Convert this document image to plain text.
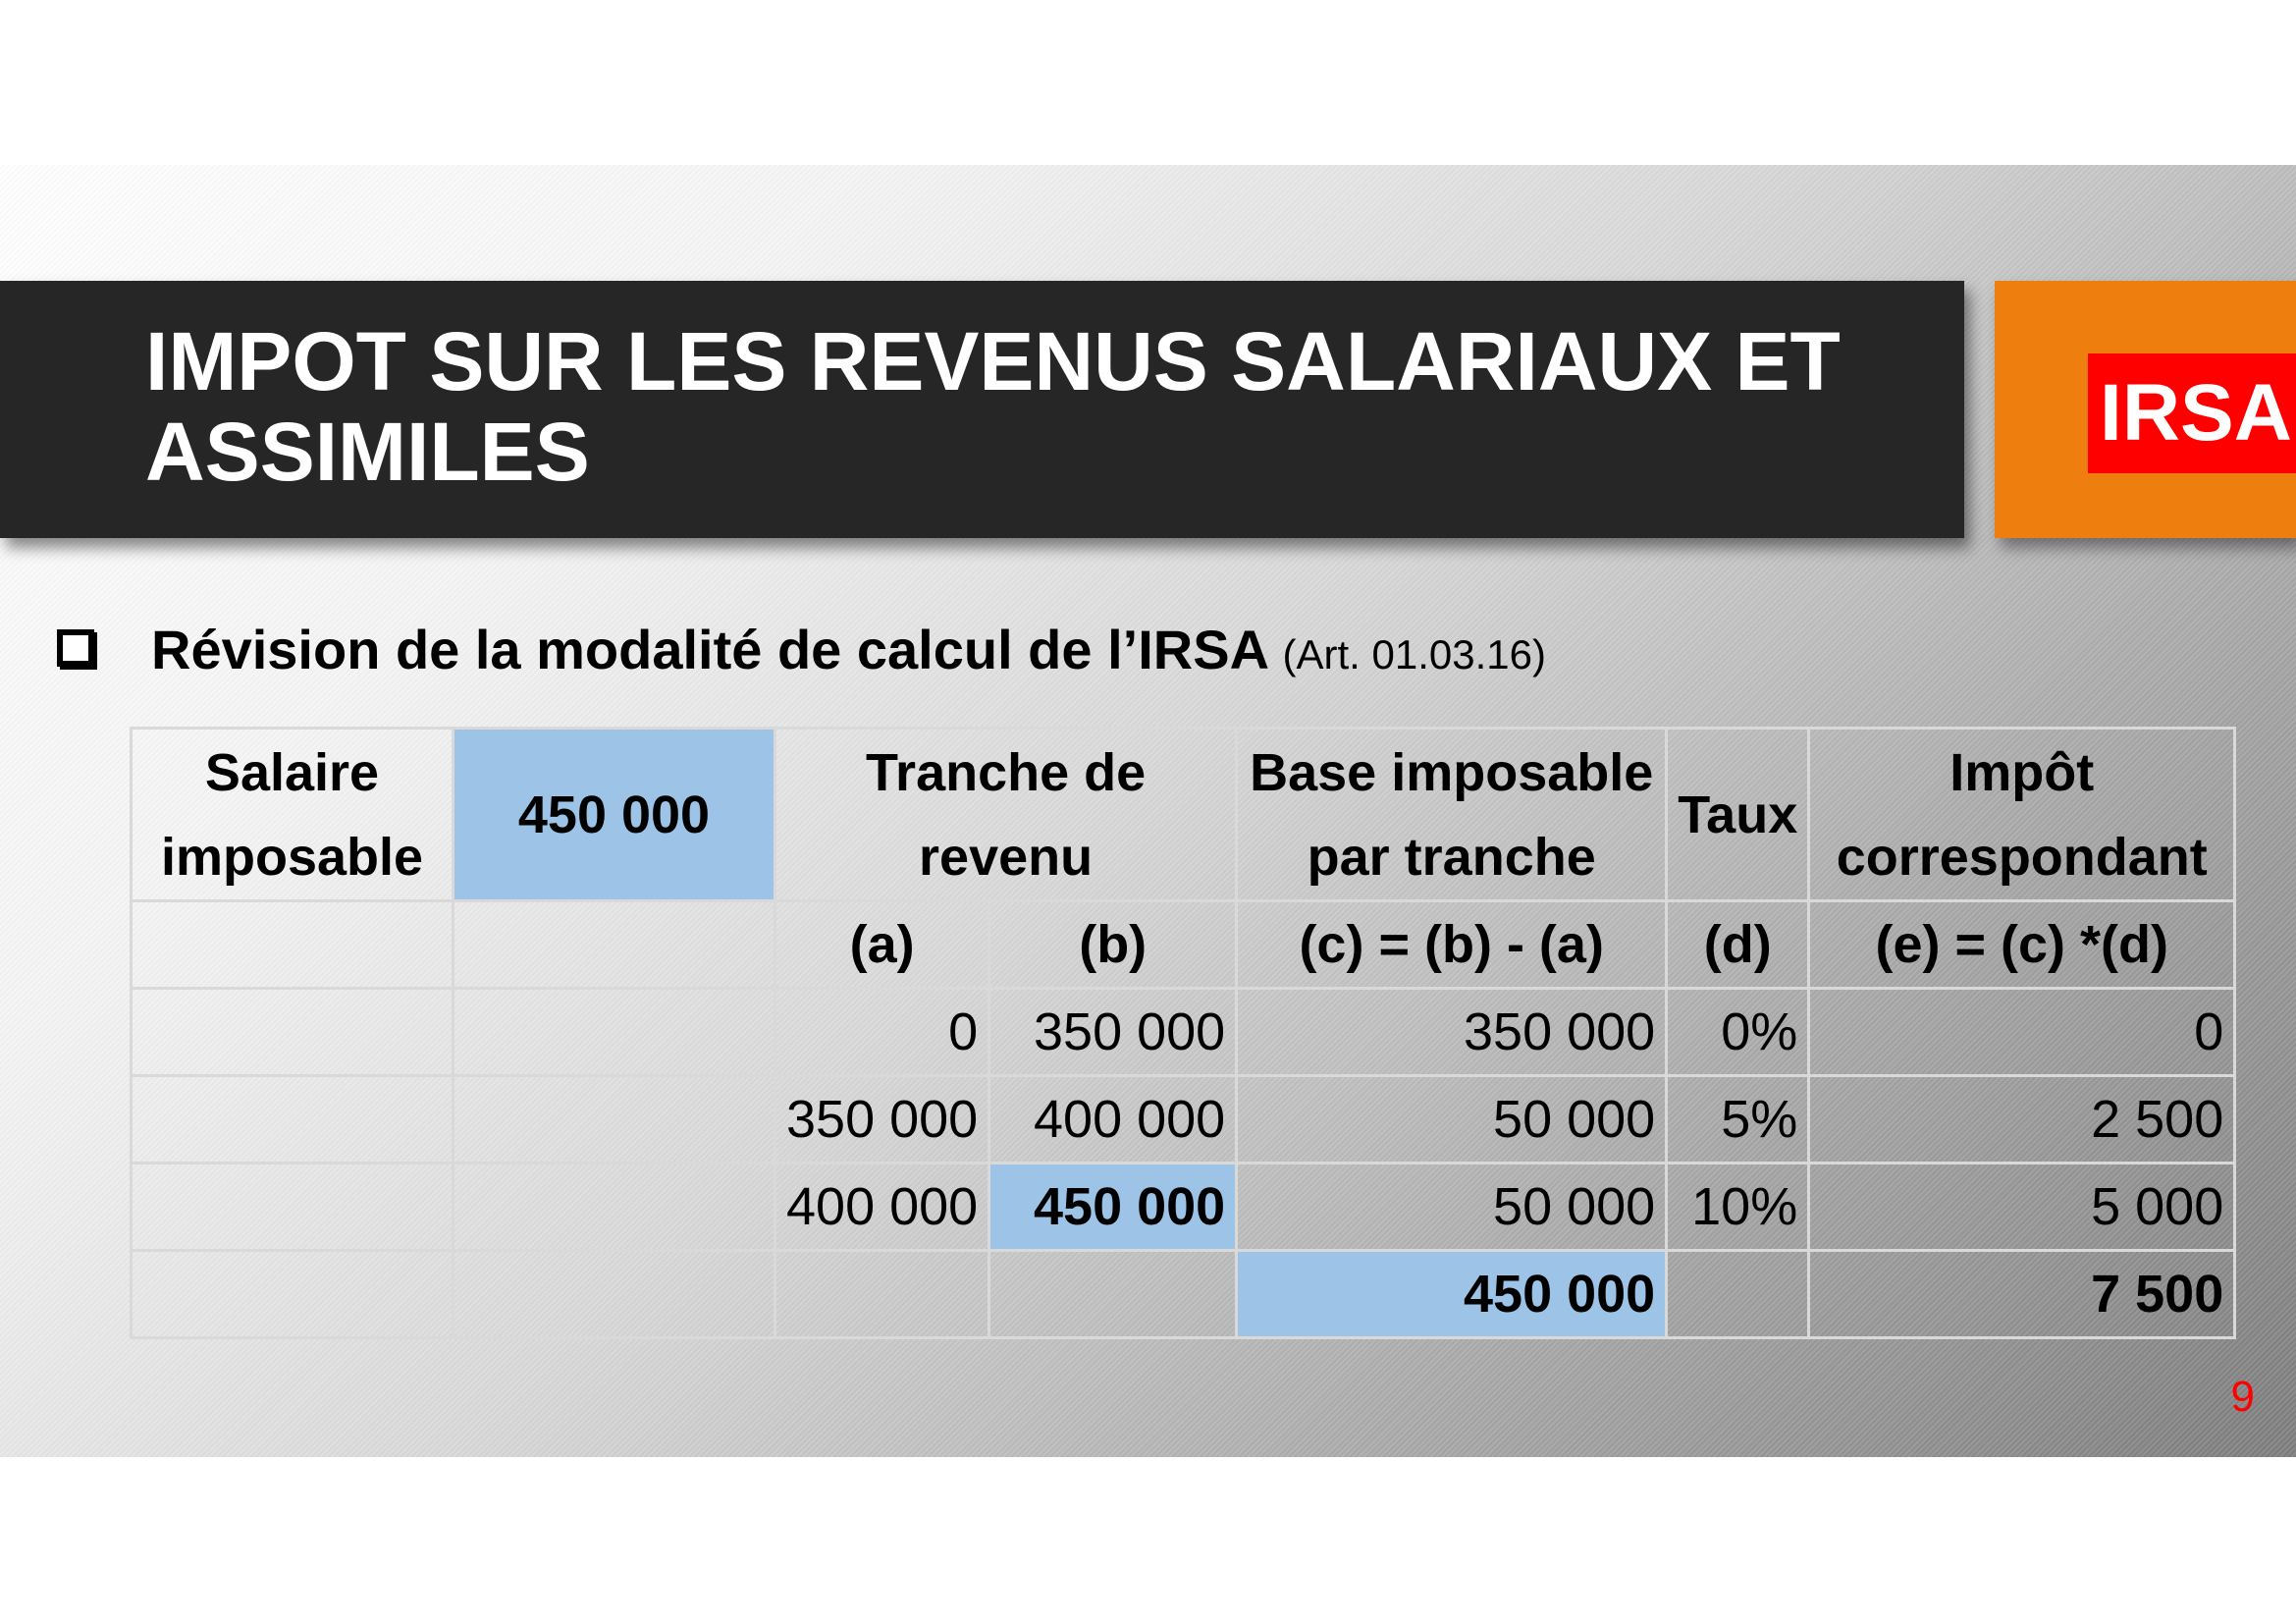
IMPOT SUR LES REVENUS SALARIAUX ET
ASSIMILES	IRSA

Révision de la modalité de calcul de l’IRSA (Art. 01.03.16)

Salaire imposable	450 000	Tranche de revenu		Base imposable par tranche	Taux	Impôt correspondant
		(a)	(b)	(c) = (b) - (a)	(d)	(e) = (c) *(d)
		0	350 000	350 000	0%	0
		350 000	400 000	50 000	5%	2 500
		400 000	450 000	50 000	10%	5 000
				450 000		7 500
9
